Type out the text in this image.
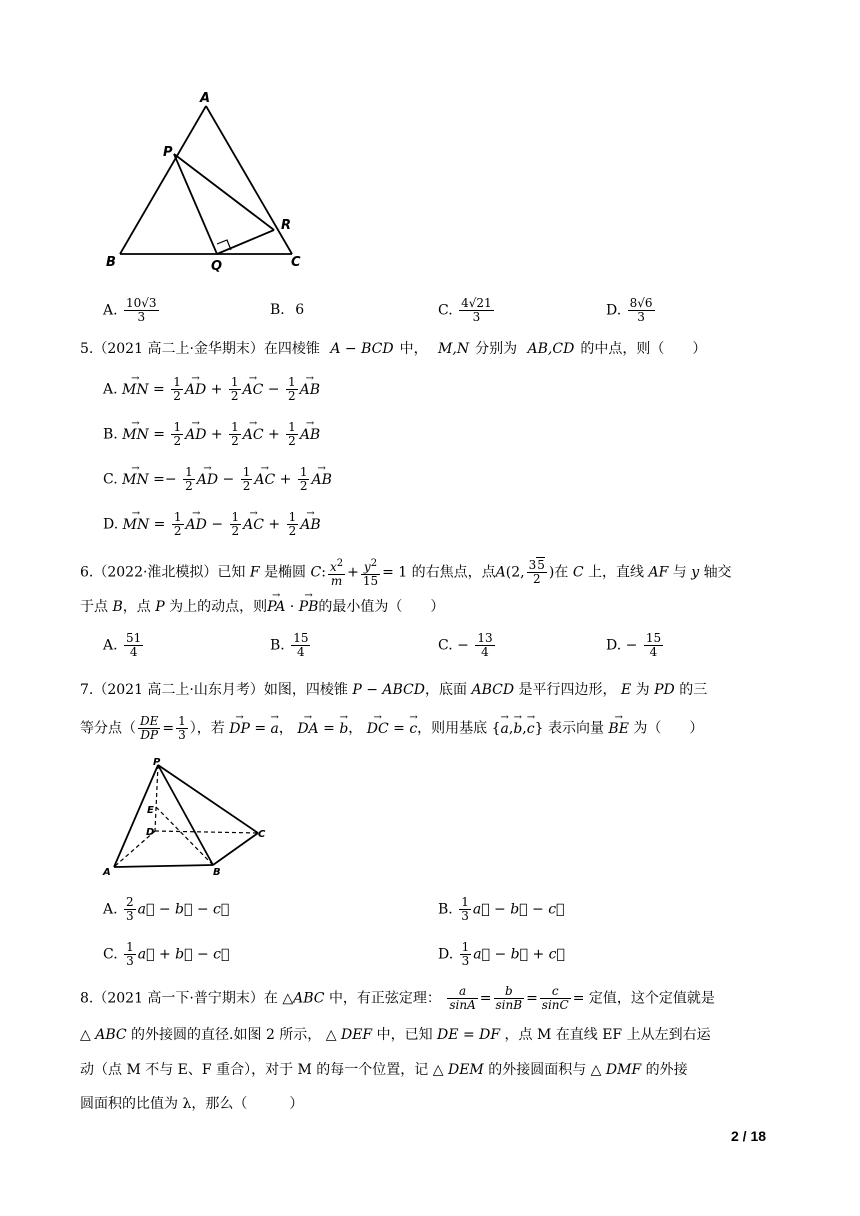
A
P
R
B	Q	C
A. $\frac{10√3}{3}$	B. 6	C. $\frac{4√21}{3}$	D. $\frac{8√6}{3}$
5.（2021 高二上·金华期末）在四棱锥 A − BCD 中， M,N 分别为 AB,CD 的中点，则（　　）
A. → MN = $\frac{1}{2}$ → AD + $\frac{1}{2}$ → AC − $\frac{1}{2}$ → AB
B. → MN = $\frac{1}{2}$ → AD + $\frac{1}{2}$ → AC + $\frac{1}{2}$ → AB
C. → MN =− $\frac{1}{2}$ → AD − $\frac{1}{2}$ → AC + $\frac{1}{2}$ → AB
D. → MN = $\frac{1}{2}$ → AD − $\frac{1}{2}$ → AC + $\frac{1}{2}$ → AB
6.（2022·淮北模拟）已知 F 是椭圆 C: $\frac{x^2}{m} + \frac{y^2}{15} = 1$ 的右焦点，点A(2, $\frac{35}{2}$ )在 C 上，直线 AF 与 y 轴交
于点 B，点 P 为上的动点，则→ PA · → PB的最小值为（　　）
A. $\frac{51}{4}$	B. $\frac{15}{4}$	C. − $\frac{13}{4}$	D. − $\frac{15}{4}$
7.（2021 高二上·山东月考）如图，四棱锥 P − ABCD，底面 ABCD 是平行四边形， E 为 PD 的三
等分点（ $\frac{DE}{DP} = \frac{1}{3}$ ），若 → DP = → a， → DA = → b， → DC = → c，则用基底 {→ a,→ b,→ c} 表示向量 → BE 为（　　）
P
E
D	C
A	B
A. $\frac{2}{3}$ a⃗ − b⃗ − c⃗	B. $\frac{1}{3}$ a⃗ − b⃗ − c⃗
C. $\frac{1}{3}$ a⃗ + b⃗ − c⃗	D. $\frac{1}{3}$ a⃗ − b⃗ + c⃗
8.（2021 高一下·普宁期末）在 △ABC 中，有正弦定理： $\frac{a}{\sin A} = \frac{b}{\sin B} = \frac{c}{\sin C}$ = 定值，这个定值就是
△ ABC 的外接圆的直径.如图 2 所示， △ DEF 中，已知 DE = DF ，点 M 在直线 EF 上从左到右运
动（点 M 不与 E、F 重合），对于 M 的每一个位置，记 △ DEM 的外接圆面积与 △ DMF 的外接
圆面积的比值为 λ，那么（　　　）
2 / 18
